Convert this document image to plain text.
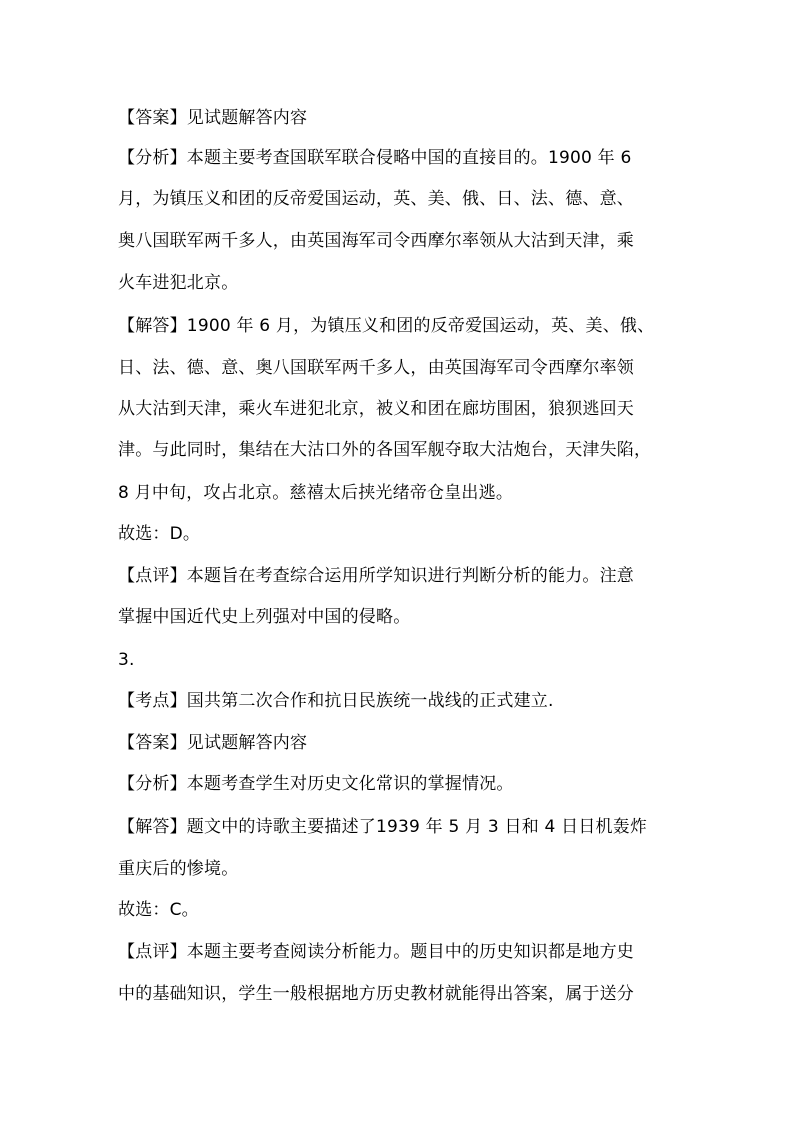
【答案】见试题解答内容
【分析】本题主要考查国联军联合侵略中国的直接目的。1900 年 6
月，为镇压义和团的反帝爱国运动，英、美、俄、日、法、德、意、
奥八国联军两千多人，由英国海军司令西摩尔率领从大沽到天津，乘
火车进犯北京。
【解答】1900 年 6 月，为镇压义和团的反帝爱国运动，英、美、俄、
日、法、德、意、奥八国联军两千多人，由英国海军司令西摩尔率领
从大沽到天津，乘火车进犯北京，被义和团在廊坊围困，狼狈逃回天
津。与此同时，集结在大沽口外的各国军舰夺取大沽炮台，天津失陷，
8 月中旬，攻占北京。慈禧太后挟光绪帝仓皇出逃。
故选：D。
【点评】本题旨在考查综合运用所学知识进行判断分析的能力。注意
掌握中国近代史上列强对中国的侵略。
3.
【考点】国共第二次合作和抗日民族统一战线的正式建立.
【答案】见试题解答内容
【分析】本题考查学生对历史文化常识的掌握情况。
【解答】题文中的诗歌主要描述了1939 年 5 月 3 日和 4 日日机轰炸
重庆后的惨境。
故选：C。
【点评】本题主要考查阅读分析能力。题目中的历史知识都是地方史
中的基础知识，学生一般根据地方历史教材就能得出答案，属于送分
